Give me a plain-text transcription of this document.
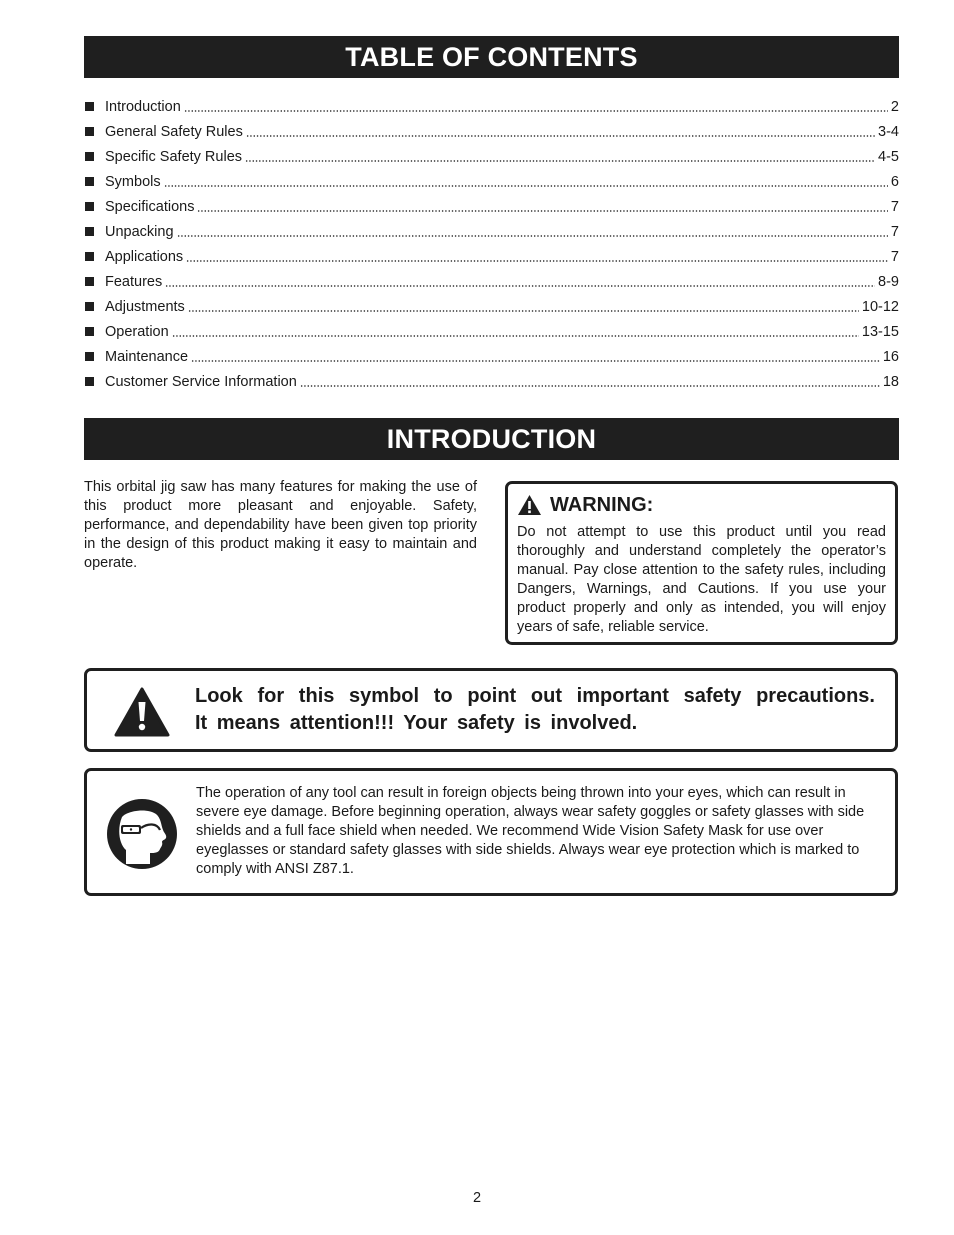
TABLE OF CONTENTS
Introduction	2
General Safety Rules	3-4
Specific Safety Rules	4-5
Symbols	6
Specifications	7
Unpacking	7
Applications	7
Features	8-9
Adjustments	10-12
Operation	13-15
Maintenance	16
Customer Service Information	18
INTRODUCTION

This orbital jig saw has many features for making the use of this product more pleasant and enjoyable. Safety, performance, and dependability have been given top priority in the design of this product making it easy to maintain and operate.

WARNING:

Do not attempt to use this product until you read thoroughly and understand completely the operator’s manual. Pay close attention to the safety rules, including Dangers, Warnings, and Cautions. If you use your product properly and only as intended, you will enjoy years of safe, reliable service.

Look for this symbol to point out important safety precautions.
It means attention!!! Your safety is involved.

The operation of any tool can result in foreign objects being thrown into your eyes, which can result in severe eye damage. Before beginning operation, always wear safety goggles or safety glasses with side shields and a full face shield when needed. We recommend Wide Vision Safety Mask for use over eyeglasses or standard safety glasses with side shields. Always wear eye protection which is marked to comply with ANSI Z87.1.

2
